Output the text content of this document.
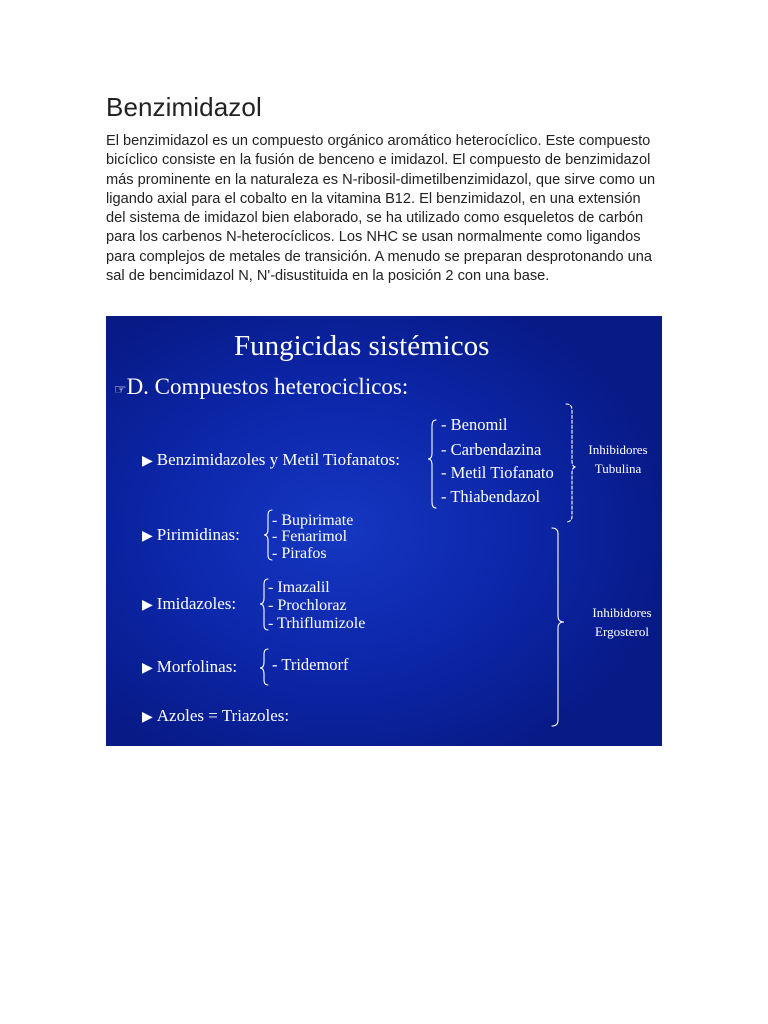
Benzimidazol

El benzimidazol es un compuesto orgánico aromático heterocíclico. Este compuesto bicíclico consiste en la fusión de benceno e imidazol. El compuesto de benzimidazol más prominente en la naturaleza es N-ribosil-dimetilbenzimidazol, que sirve como un ligando axial para el cobalto en la vitamina B12. El benzimidazol, en una extensión del sistema de imidazol bien elaborado, se ha utilizado como esqueletos de carbón para los carbenos N-heterocíclicos. Los NHC se usan normalmente como ligandos para complejos de metales de transición. A menudo se preparan desprotonando una sal de bencimidazol N, N'-disustituida en la posición 2 con una base.

Fungicidas sistémicos
☞D. Compuestos heterociclicos:
▶ Benzimidazoles y Metil Tiofanatos:
- Benomil
- Carbendazina
- Metil Tiofanato
- Thiabendazol
▶ Pirimidinas:
- Bupirimate
- Fenarimol
- Pirafos
▶ Imidazoles:
- Imazalil
- Prochloraz
- Trhiflumizole
▶ Morfolinas: - Tridemorf
▶ Azoles = Triazoles:
Inhibidores
Tubulina
Inhibidores
Ergosterol
